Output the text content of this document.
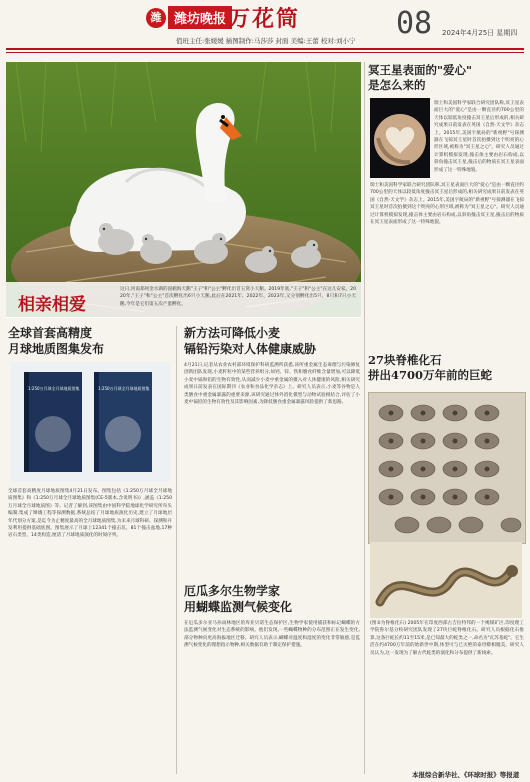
潍 潍坊晚报 万花筒	08 2024年4月25日 星期四
值班主任:张媛媛 插图制作:马莎莎 封面 美编:王蕾 校对:刘小宁
相亲相爱
这日,河南郑州金水湖的国鹤海天鹅"王子"和"公主"孵化出首五窝小天鹅。2019年底,"王子"和"公主"在这儿安家。2020年,"王子"和"公主"首次孵化出6只小天鹅,此后在2021年、2022年、2023年,又分别孵化出5只、8只和7只小天鹅,今年是它们第五次产蛋孵化。
全球首套高精度
月球地质图集发布
1:250万月球全月球地质图集	1:250万月球全月球地质图集
全球首套高精度月球地质图集4月21日发布。图集包括《1:250万月球全月球地质图集》和《1:250万月球全月球地质图集(CE-5版本,含说明书)》,涵盖《1:250万月球全月球地质图》等。记者了解到,该图集由中国科学院地球化学研究所牵头编制,集成了嫦娥工程等探测数据,系统总结了月球地质演化历史,建立了月球地层年代划分方案,是迄今为止精度最高的全月球地质图集,为未来月球科研、探测和开发利用提供基础底图。图集展示了月球上12341个撞击坑、81个撞击盆地,17种岩石类型、14类构造,厘清了月球地质演化的时间序列。
新方法可降低小麦
镉铅污染对人体健康威胁
4月21日,记者从农业农村部环境保护科研监测所获悉,该所重金属生态毒理与污染修复创新团队发现,小麦籽粒中的某些营养组分,如钙、锌、铁和膳食纤维含量增加,可以降低小麦中镉和铅的生物有效性,从而减少小麦中重金属的摄入对人体健康的风险,相关研究成果日前发表在国际期刊《农业和食品化学杂志》上。研究人员表示,小麦等谷物是人类膳食中重金属暴露的重要来源,该研究通过体外消化模型与动物试验相结合,评估了小麦中镉铅的生物有效性及其影响因素,为降低膳食重金属暴露风险提供了新思路。
厄瓜多尔生物学家
用蝴蝶监测气候变化
在厄瓜多尔亚马孙雨林地区的库亚贝诺生态保护区,生物学家使用捕获和标记蝴蝶的方法监测气候变化对生态系统的影响。他们发现,一些蝴蝶物种的分布范围正在发生变化,部分物种向更高海拔地区迁移。研究人员表示,蝴蝶对温度和湿度的变化非常敏感,是监测气候变化的理想指示物种,相关数据有助于制定保护措施。
冥王星表面的"爱心"
是怎么来的
瑞士和美国科学家联合研究团队称,冥王星表面巨大的"爱心"是由一颗直径约700公里的天体以较低角度撞击冥王星后形成的,相关研究成果日前发表在英国《自然·天文学》杂志上。2015年,美国宇航局的"新视野"号探测器在飞掠冥王星时首次拍摄到这个明亮的心形区域,被称为"冥王星之心"。研究人员通过计算机模拟发现,撞击体主要由岩石构成,以斜角撞击冥王星,撞击后的物质在冥王星表面形成了这一特殊地貌。
瑞士和美国科学家联合研究团队称,冥王星表面巨大的"爱心"是由一颗直径约700公里的天体以较低角度撞击冥王星后形成的,相关研究成果日前发表在英国《自然·天文学》杂志上。2015年,美国宇航局的"新视野"号探测器在飞掠冥王星时首次拍摄到这个明亮的心形区域,被称为"冥王星之心"。研究人员通过计算机模拟发现,撞击体主要由岩石构成,以斜角撞击冥王星,撞击后的物质在冥王星表面形成了这一特殊地貌。
27块脊椎化石
拼出4700万年前的巨蛇
(图②为脊椎化石) 2005年在印度西部古吉拉特邦的一个褐煤矿区,印度理工学院鲁尔基分校研究团队发现了27块巨蛇脊椎化石。研究人员根据化石推算,这条巨蛇长约11至15米,是已知最大的蛇类之一,命名为"瓦苏基蛇"。它生活在约4700万年前的始新世中期,体型可与已灭绝的泰坦蟒相媲美。研究人员认为,这一发现为了解古代蛇类的演化和分布提供了新线索。
本报综合新华社、《环球时报》等报道
